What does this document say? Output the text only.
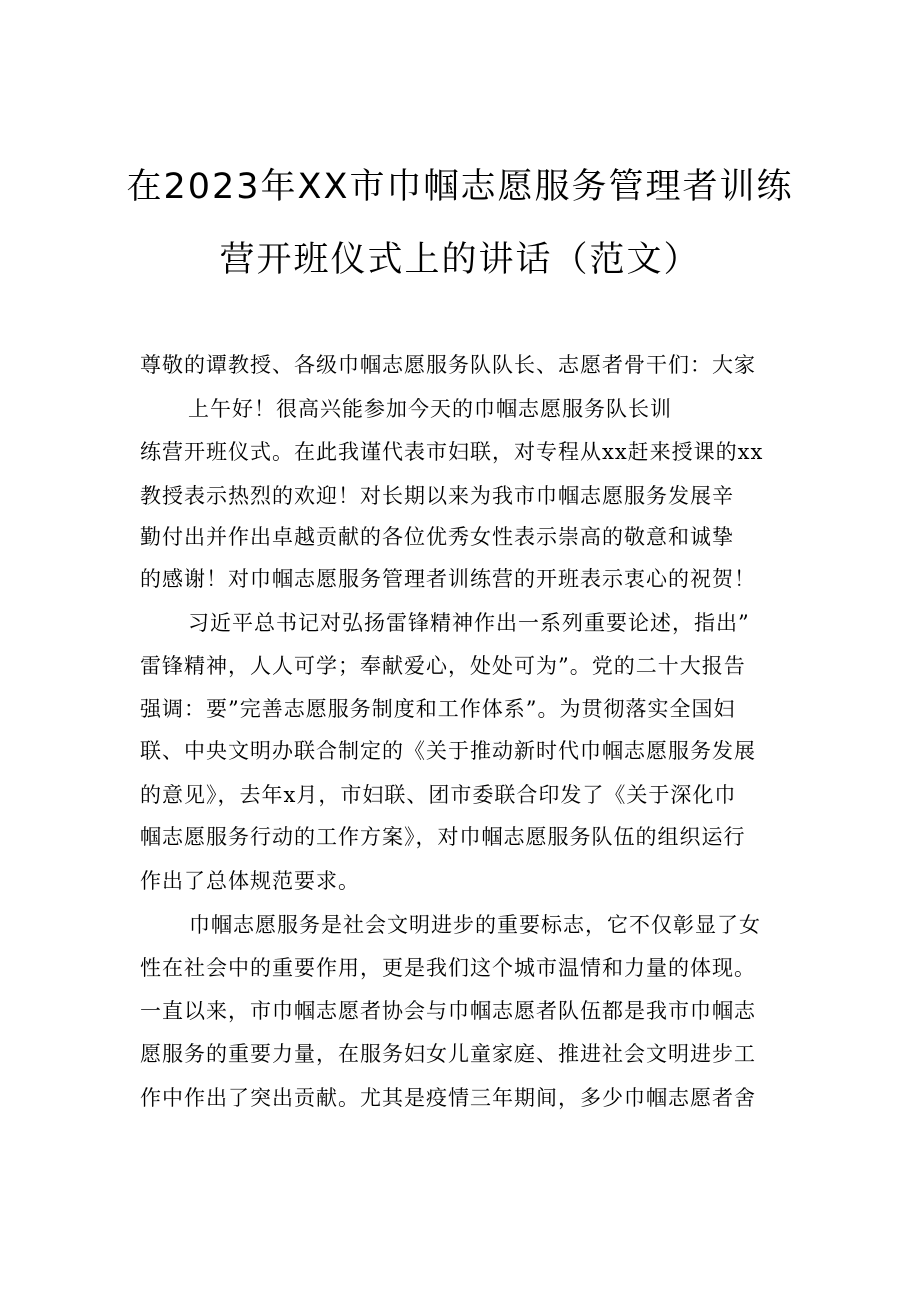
在2023年XX市巾帼志愿服务管理者训练
营开班仪式上的讲话（范文）
尊敬的谭教授、各级巾帼志愿服务队队长、志愿者骨干们：大家
上午好！很高兴能参加今天的巾帼志愿服务队长训
练营开班仪式。在此我谨代表市妇联，对专程从xx赶来授课的xx
教授表示热烈的欢迎！对长期以来为我市巾帼志愿服务发展辛
勤付出并作出卓越贡献的各位优秀女性表示崇高的敬意和诚挚
的感谢！对巾帼志愿服务管理者训练营的开班表示衷心的祝贺！
习近平总书记对弘扬雷锋精神作出一系列重要论述，指出”
雷锋精神，人人可学；奉献爱心，处处可为”。党的二十大报告
强调：要”完善志愿服务制度和工作体系”。为贯彻落实全国妇
联、中央文明办联合制定的《关于推动新时代巾帼志愿服务发展
的意见》，去年x月，市妇联、团市委联合印发了《关于深化巾
帼志愿服务行动的工作方案》，对巾帼志愿服务队伍的组织运行
作出了总体规范要求。
巾帼志愿服务是社会文明进步的重要标志，它不仅彰显了女
性在社会中的重要作用，更是我们这个城市温情和力量的体现。
一直以来，市巾帼志愿者协会与巾帼志愿者队伍都是我市巾帼志
愿服务的重要力量，在服务妇女儿童家庭、推进社会文明进步工
作中作出了突出贡献。尤其是疫情三年期间，多少巾帼志愿者舍
